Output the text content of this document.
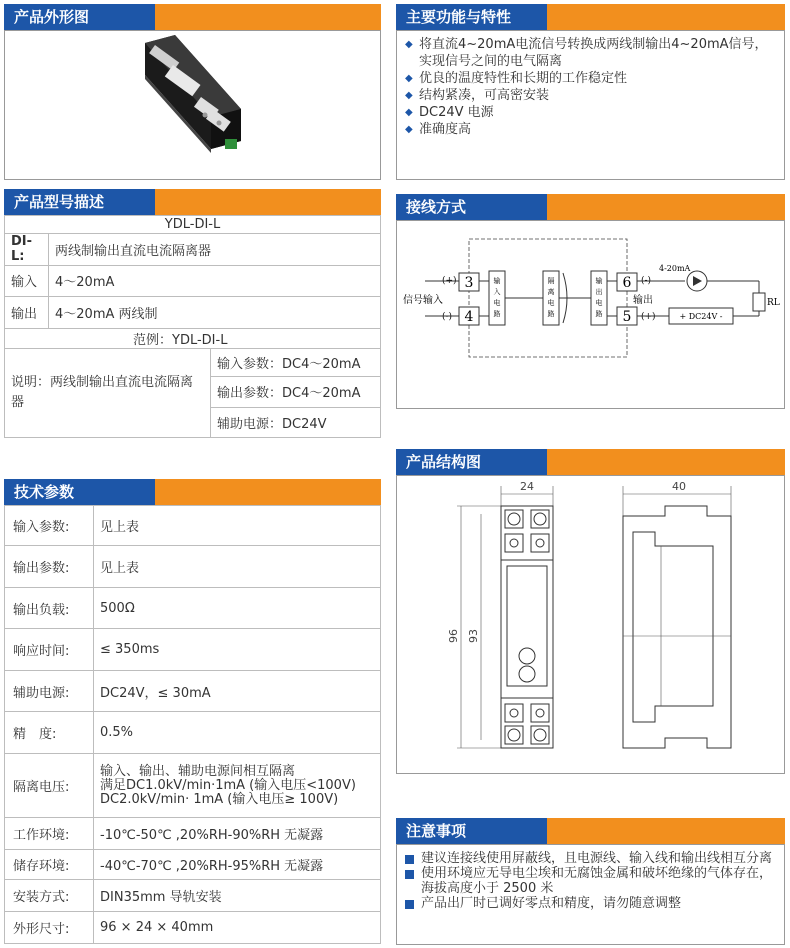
产品外形图	主要功能与特性
◆ 将直流4~20mA电流信号转换成两线制输出4~20mA信号，实现信号之间的电气隔离
◆ 优良的温度特性和长期的工作稳定性
◆ 结构紧凑，可高密安装
◆ DC24V 电源
◆ 准确度高
产品型号描述
YDL-DI-L		
DI-L:	两线制输出直流电流隔离器	
输入	4～20mA	
输出	4～20mA 两线制	
范例：YDL-DI-L		
说明：两线制输出直流电流隔离器		输入参数：DC4～20mA
		输出参数：DC4～20mA
		辅助电源：DC24V
接线方式
3
4
6
5
(+)
(-)
(-)
(+)
信号输入
输
入
电
路
隔
离
电
路
输
出
电
路
4-20mA
RL
+ DC24V -
输出
产品结构图
24
96 93
40
技术参数
输入参数:	见上表
输出参数:	见上表
输出负载:	500Ω
响应时间:	≤ 350ms
辅助电源:	DC24V，≤ 30mA
精　度:	0.5%
隔离电压:	输入、输出、辅助电源间相互隔离
满足DC1.0kV/min·1mA (输入电压<100V)
DC2.0kV/min· 1mA (输入电压≥ 100V)

工作环境:	-10℃-50℃ ,20%RH-90%RH 无凝露
储存环境:	-40℃-70℃ ,20%RH-95%RH 无凝露
安装方式:	DIN35mm 导轨安装
外形尺寸:	96 × 24 × 40mm
注意事项
建议连接线使用屏蔽线，且电源线、输入线和输出线相互分离
使用环境应无导电尘埃和无腐蚀金属和破坏绝缘的气体存在，海拔高度小于 2500 米
产品出厂时已调好零点和精度，请勿随意调整
